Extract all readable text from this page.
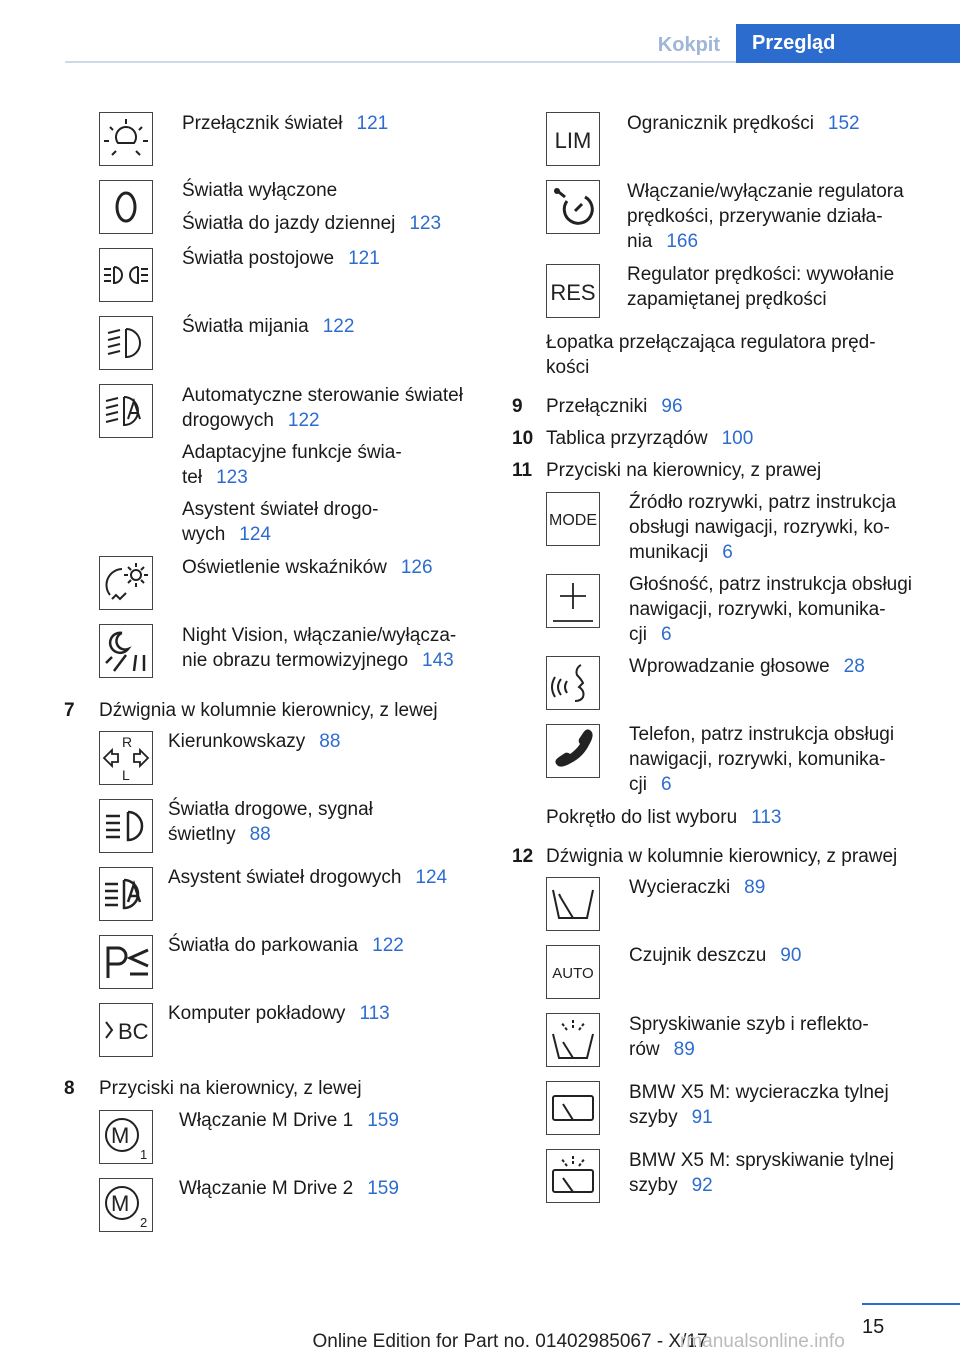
Kokpit	Przegląd
Przełącznik świateł 121
Światła wyłączone
Światła do jazdy dziennej 123
Światła postojowe 121
Światła mijania 122
Automatyczne sterowanie świateł
drogowych 122
Adaptacyjne funkcje świa-
teł 123
Asystent świateł drogo-
wych 124
Oświetlenie wskaźników 126
Night Vision, włączanie/wyłącza-
nie obrazu termowizyjnego 143
7 Dźwignia w kolumnie kierownicy, z lewej
R
L
Kierunkowskazy 88
Światła drogowe, sygnał
świetlny 88
Asystent świateł drogowych 124
Światła do parkowania 122
BC
Komputer pokładowy 113
8 Przyciski na kierownicy, z lewej
M
1
Włączanie M Drive 1 159
M
2
Włączanie M Drive 2 159
LIM
Ogranicznik prędkości 152
Włączanie/wyłączanie regulatora
prędkości, przerywanie działa-
nia 166
RES
Regulator prędkości: wywołanie
zapamiętanej prędkości
Łopatka przełączająca regulatora pręd-
kości
9 Przełączniki 96
10 Tablica przyrządów 100
11 Przyciski na kierownicy, z prawej
MODE
Źródło rozrywki, patrz instrukcja
obsługi nawigacji, rozrywki, ko-
munikacji 6
Głośność, patrz instrukcja obsługi
nawigacji, rozrywki, komunika-
cji 6
Wprowadzanie głosowe 28
Telefon, patrz instrukcja obsługi
nawigacji, rozrywki, komunika-
cji 6
Pokrętło do list wyboru 113
12 Dźwignia w kolumnie kierownicy, z prawej
Wycieraczki 89
AUTO
Czujnik deszczu 90
Spryskiwanie szyb i reflekto-
rów 89
BMW X5 M: wycieraczka tylnej
szyby 91
BMW X5 M: spryskiwanie tylnej
szyby 92
15
Online Edition for Part no. 01402985067 - X/17
rmanualsonline.info
